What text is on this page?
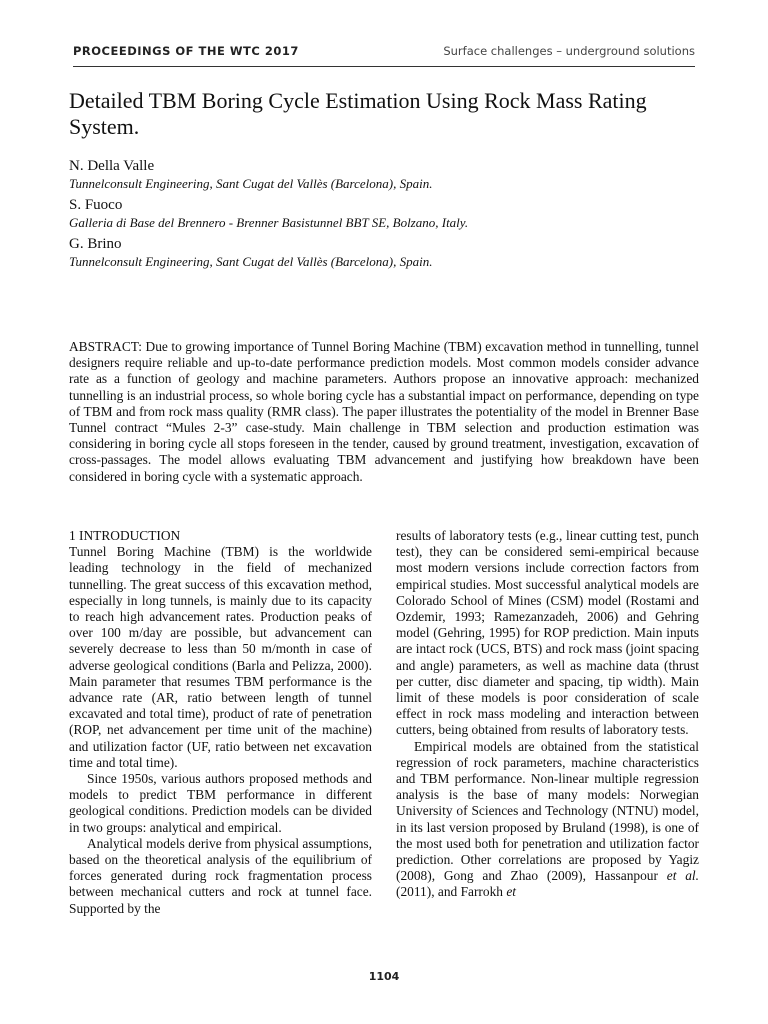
PROCEEDINGS OF THE WTC 2017	Surface challenges – underground solutions
Detailed TBM Boring Cycle Estimation Using Rock Mass Rating System.
N. Della Valle
Tunnelconsult Engineering, Sant Cugat del Vallès (Barcelona), Spain.
S. Fuoco
Galleria di Base del Brennero - Brenner Basistunnel BBT SE, Bolzano, Italy.
G. Brino
Tunnelconsult Engineering, Sant Cugat del Vallès (Barcelona), Spain.
ABSTRACT: Due to growing importance of Tunnel Boring Machine (TBM) excavation method in tunnelling, tunnel designers require reliable and up-to-date performance prediction models. Most common models consider advance rate as a function of geology and machine parameters. Authors propose an innovative approach: mechanized tunnelling is an industrial process, so whole boring cycle has a substantial impact on performance, depending on type of TBM and from rock mass quality (RMR class). The paper illustrates the potentiality of the model in Brenner Base Tunnel contract “Mules 2-3” case-study. Main challenge in TBM selection and production estimation was considering in boring cycle all stops foreseen in the tender, caused by ground treatment, investigation, excavation of cross-passages. The model allows evaluating TBM advancement and justifying how breakdown have been considered in boring cycle with a systematic approach.

1 INTRODUCTION

Tunnel Boring Machine (TBM) is the worldwide leading technology in the field of mechanized tunnelling. The great success of this excavation method, especially in long tunnels, is mainly due to its capacity to reach high advancement rates. Production peaks of over 100 m/day are possible, but advancement can severely decrease to less than 50 m/month in case of adverse geological conditions (Barla and Pelizza, 2000). Main parameter that resumes TBM performance is the advance rate (AR, ratio between length of tunnel excavated and total time), product of rate of penetration (ROP, net advancement per time unit of the machine) and utilization factor (UF, ratio between net excavation time and total time).

Since 1950s, various authors proposed methods and models to predict TBM performance in different geological conditions. Prediction models can be divided in two groups: analytical and empirical.

Analytical models derive from physical assumptions, based on the theoretical analysis of the equilibrium of forces generated during rock fragmentation process between mechanical cutters and rock at tunnel face. Supported by the

results of laboratory tests (e.g., linear cutting test, punch test), they can be considered semi-empirical because most modern versions include correction factors from empirical studies. Most successful analytical models are Colorado School of Mines (CSM) model (Rostami and Ozdemir, 1993; Ramezanzadeh, 2006) and Gehring model (Gehring, 1995) for ROP prediction. Main inputs are intact rock (UCS, BTS) and rock mass (joint spacing and angle) parameters, as well as machine data (thrust per cutter, disc diameter and spacing, tip width). Main limit of these models is poor consideration of scale effect in rock mass modeling and interaction between cutters, being obtained from results of laboratory tests.

Empirical models are obtained from the statistical regression of rock parameters, machine characteristics and TBM performance. Non-linear multiple regression analysis is the base of many models: Norwegian University of Sciences and Technology (NTNU) model, in its last version proposed by Bruland (1998), is one of the most used both for penetration and utilization factor prediction. Other correlations are proposed by Yagiz (2008), Gong and Zhao (2009), Hassanpour et al. (2011), and Farrokh et

1104
